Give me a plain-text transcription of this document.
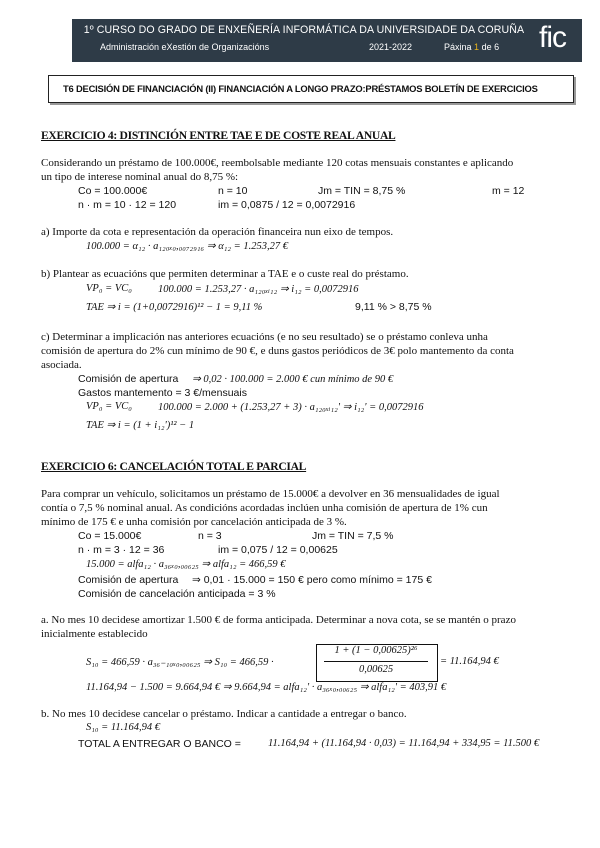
1º CURSO DO GRADO DE ENXEÑERÍA INFORMÁTICA DA UNIVERSIDADE DA CORUÑA
Administración eXestión de Organizacións	2021-2022	Páxina 1 de 6 fic
T6 DECISIÓN DE FINANCIACIÓN (II) FINANCIACIÓN A LONGO PRAZO:PRÉSTAMOS BOLETÍN DE EXERCICIOS
EXERCICIO 4: DISTINCIÓN ENTRE TAE E DE COSTE REAL ANUAL
Considerando un préstamo de 100.000€, reembolsable mediante 120 cotas mensuais constantes e aplicando
un tipo de interese nominal anual do 8,75 %:
Co = 100.000€	n = 10	Jm = TIN = 8,75 %	m = 12
n · m = 10 · 12 = 120	im = 0,0875 / 12 = 0,0072916
a) Importe da cota e representación da operación financeira nun eixo de tempos.
100.000 = α₁₂ · a₁₂₀ₓ₀,₀₀₇₂₉₁₆ ⇒ α₁₂ = 1.253,27 €
b) Plantear as ecuacións que permiten determinar a TAE e o custe real do préstamo.
VP₀ = VC₀ 100.000 = 1.253,27 · a₁₂₀ₓᵢ₁₂ ⇒ i₁₂ = 0,0072916
TAE ⇒ i = (1+0,0072916)¹² − 1 = 9,11 %	9,11 % > 8,75 %
c) Determinar a implicación nas anteriores ecuacións (e no seu resultado) se o préstamo conleva unha
comisión de apertura do 2% cun mínimo de 90 €, e duns gastos periódicos de 3€ polo mantemento da conta
asociada.
Comisión de apertura ⇒ 0,02 · 100.000 = 2.000 € cun mínimo de 90 €
Gastos mantemento = 3 €/mensuais
VP₀ = VC₀ 100.000 = 2.000 + (1.253,27 + 3) · a₁₂₀ₓᵢ₁₂' ⇒ i₁₂' = 0,0072916
TAE ⇒ i = (1 + i₁₂')¹² − 1
EXERCICIO 6: CANCELACIÓN TOTAL E PARCIAL
Para comprar un vehículo, solicitamos un préstamo de 15.000€ a devolver en 36 mensualidades de igual
contía o 7,5 % nominal anual. As condicións acordadas inclúen unha comisión de apertura de 1% cun
mínimo de 175 € e unha comisión por cancelación anticipada de 3 %.
Co = 15.000€	n = 3	Jm = TIN = 7,5 %
n · m = 3 · 12 = 36	im = 0,075 / 12 = 0,00625
15.000 = alfa₁₂ · a₃₆ₓ₀,₀₀₆₂₅ ⇒ alfa₁₂ = 466,59 €
Comisión de apertura ⇒ 0,01 · 15.000 = 150 € pero como mínimo = 175 €
Comisión de cancelación anticipada = 3 %
a. No mes 10 decidese amortizar 1.500 € de forma anticipada. Determinar a nova cota, se se mantén o prazo
inicialmente establecido
S₁₀ = 466,59 · a₃₆₋₁₀ₓ₀,₀₀₆₂₅ ⇒ S₁₀ = 466,59 ·
1 + (1 − 0,00625)²⁶
0,00625
= 11.164,94 €
11.164,94 − 1.500 = 9.664,94 € ⇒ 9.664,94 = alfa₁₂' · a₃₆ₓ₀,₀₀₆₂₅ ⇒ alfa₁₂' = 403,91 €
b. No mes 10 decidese cancelar o préstamo. Indicar a cantidade a entregar o banco.
S₁₀ = 11.164,94 €
TOTAL A ENTREGAR O BANCO =	11.164,94 + (11.164,94 · 0,03) = 11.164,94 + 334,95 = 11.500 €
